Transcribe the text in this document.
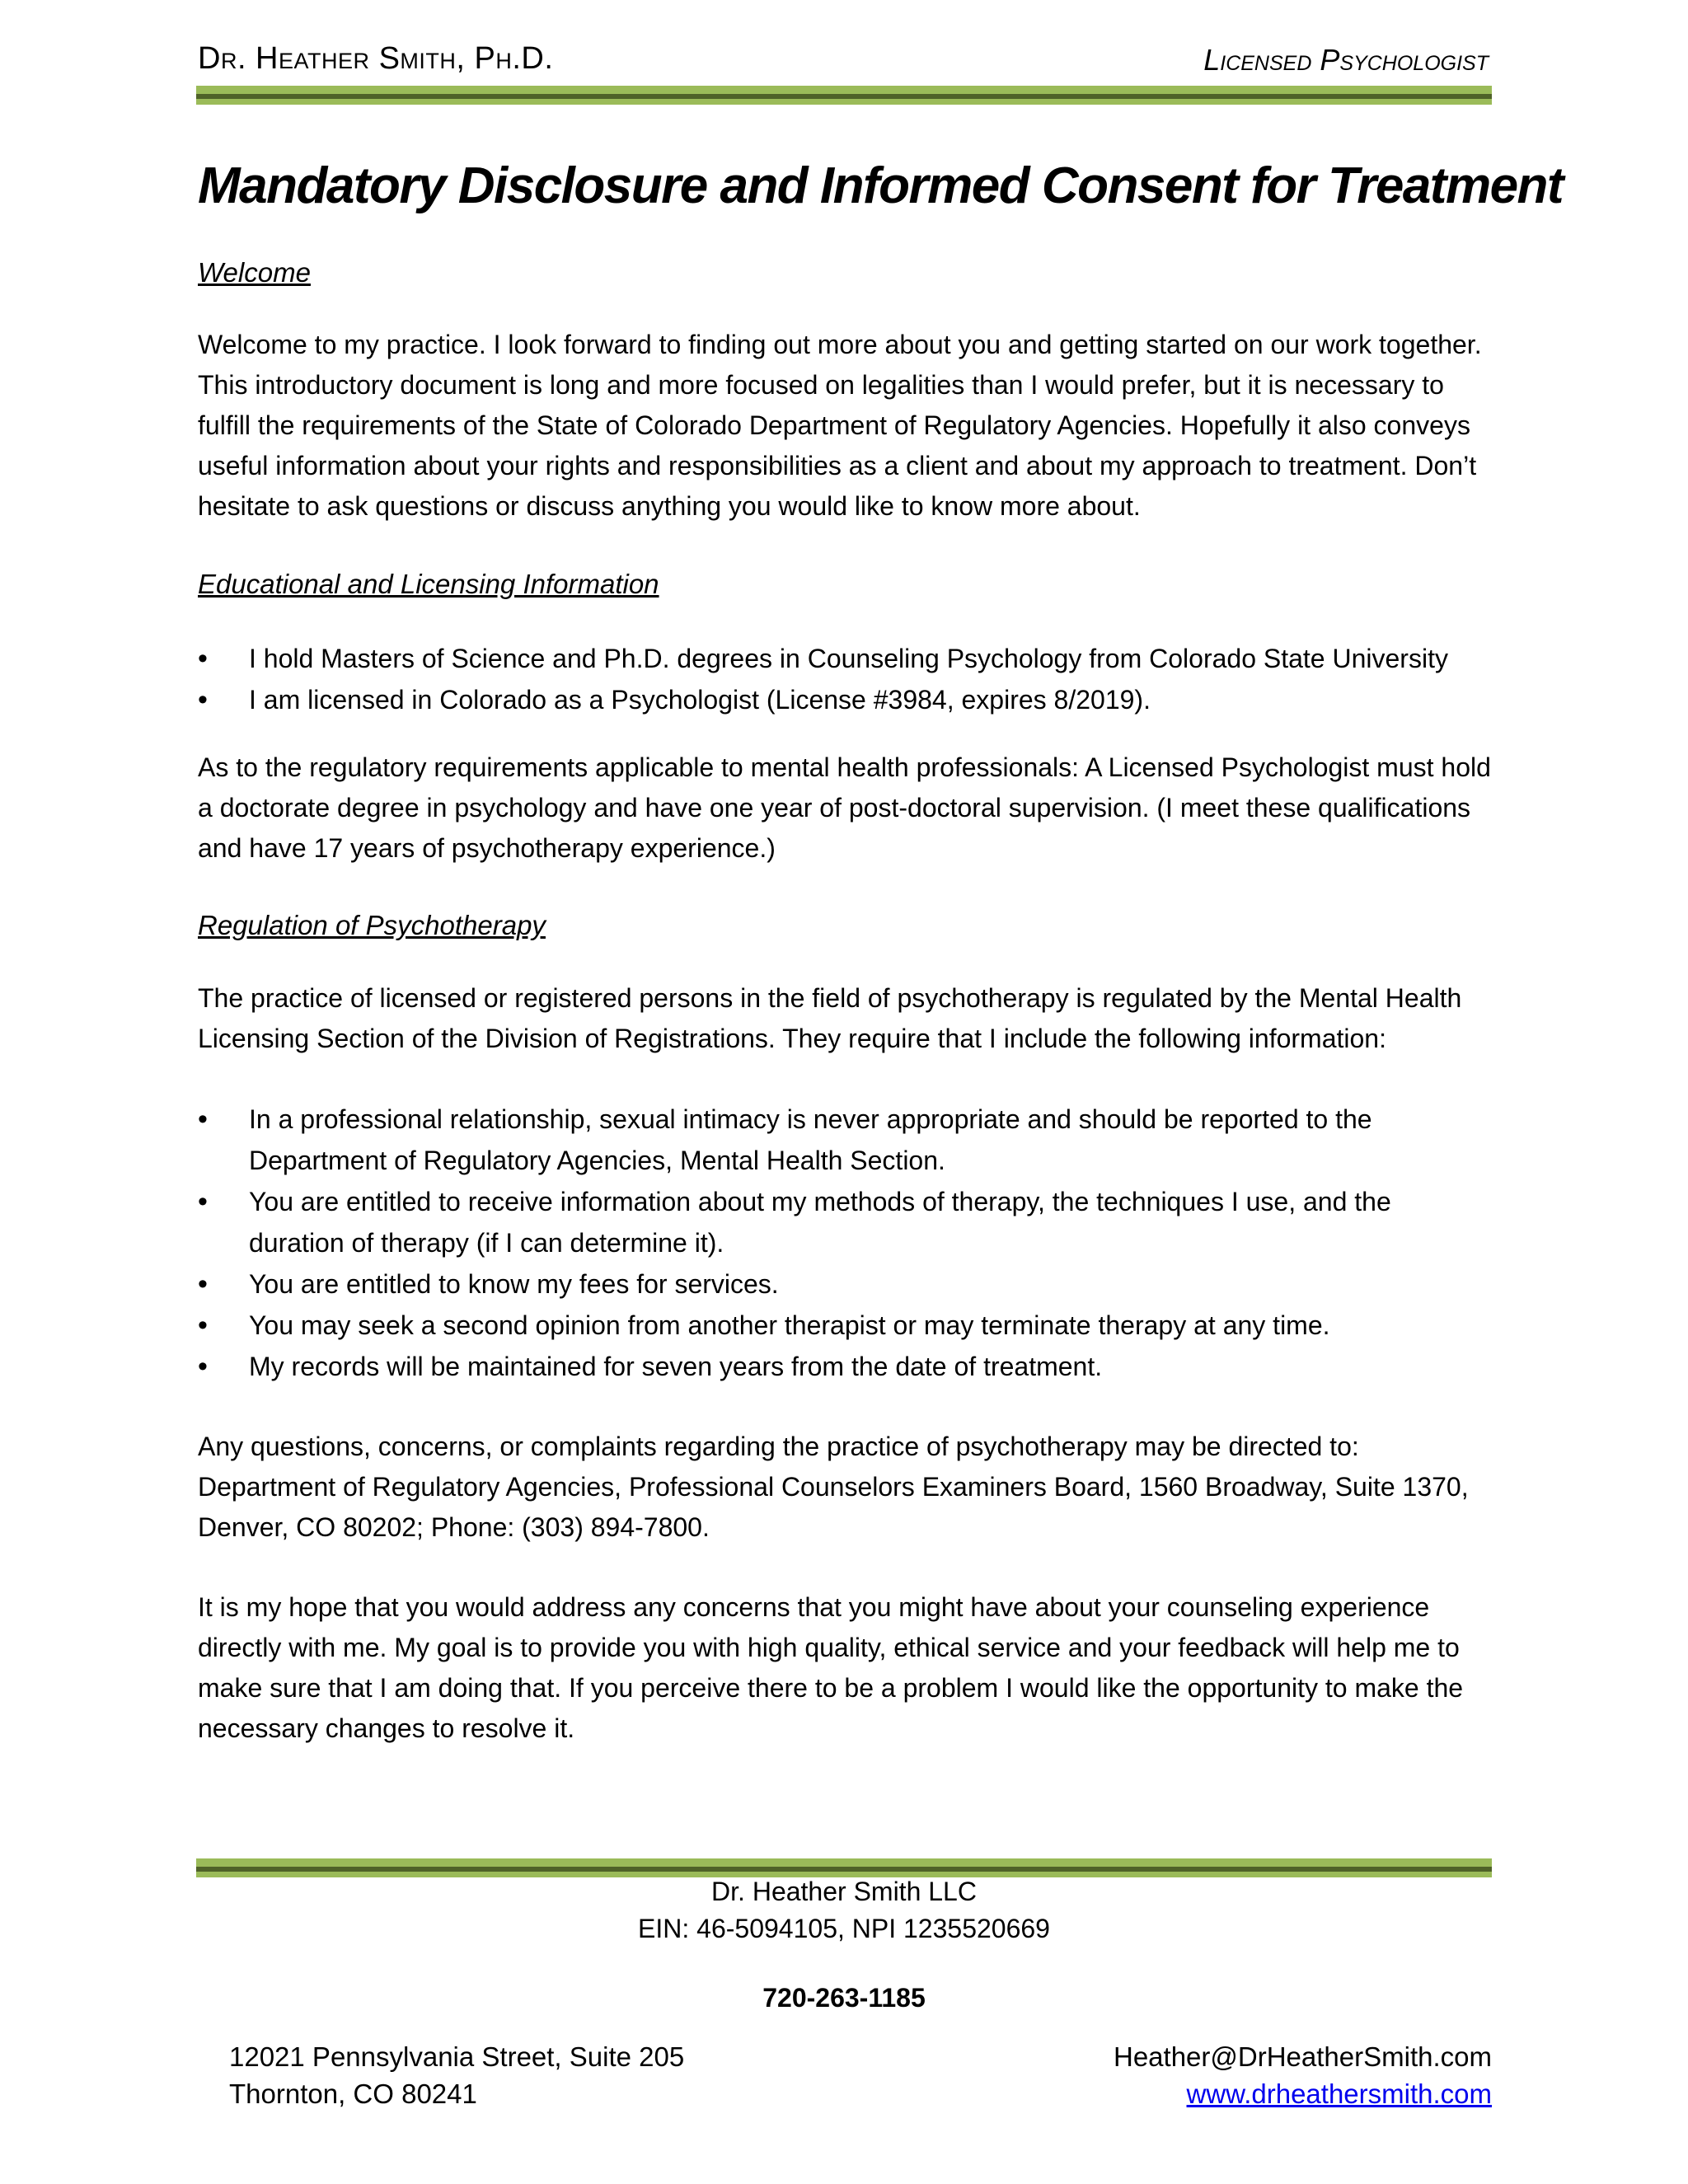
Dr. Heather Smith, Ph.D.	Licensed Psychologist
Mandatory Disclosure and Informed Consent for Treatment
Welcome

Welcome to my practice. I look forward to finding out more about you and getting started on our work together. This introductory document is long and more focused on legalities than I would prefer, but it is necessary to fulfill the requirements of the State of Colorado Department of Regulatory Agencies. Hopefully it also conveys useful information about your rights and responsibilities as a client and about my approach to treatment. Don’t hesitate to ask questions or discuss anything you would like to know more about.

Educational and Licensing Information
• I hold Masters of Science and Ph.D. degrees in Counseling Psychology from Colorado State University
• I am licensed in Colorado as a Psychologist (License #3984, expires 8/2019).

As to the regulatory requirements applicable to mental health professionals: A Licensed Psychologist must hold a doctorate degree in psychology and have one year of post-doctoral supervision. (I meet these qualifications and have 17 years of psychotherapy experience.)

Regulation of Psychotherapy

The practice of licensed or registered persons in the field of psychotherapy is regulated by the Mental Health Licensing Section of the Division of Registrations. They require that I include the following information:

• In a professional relationship, sexual intimacy is never appropriate and should be reported to the Department of Regulatory Agencies, Mental Health Section.
• You are entitled to receive information about my methods of therapy, the techniques I use, and the duration of therapy (if I can determine it).
• You are entitled to know my fees for services.
• You may seek a second opinion from another therapist or may terminate therapy at any time.
• My records will be maintained for seven years from the date of treatment.

Any questions, concerns, or complaints regarding the practice of psychotherapy may be directed to: Department of Regulatory Agencies, Professional Counselors Examiners Board, 1560 Broadway, Suite 1370, Denver, CO 80202; Phone: (303) 894-7800.

It is my hope that you would address any concerns that you might have about your counseling experience directly with me. My goal is to provide you with high quality, ethical service and your feedback will help me to make sure that I am doing that. If you perceive there to be a problem I would like the opportunity to make the necessary changes to resolve it.

Dr. Heather Smith LLC
EIN: 46-5094105, NPI 1235520669
720-263-1185
12021 Pennsylvania Street, Suite 205
Thornton, CO 80241
Heather@DrHeatherSmith.com
www.drheathersmith.com
